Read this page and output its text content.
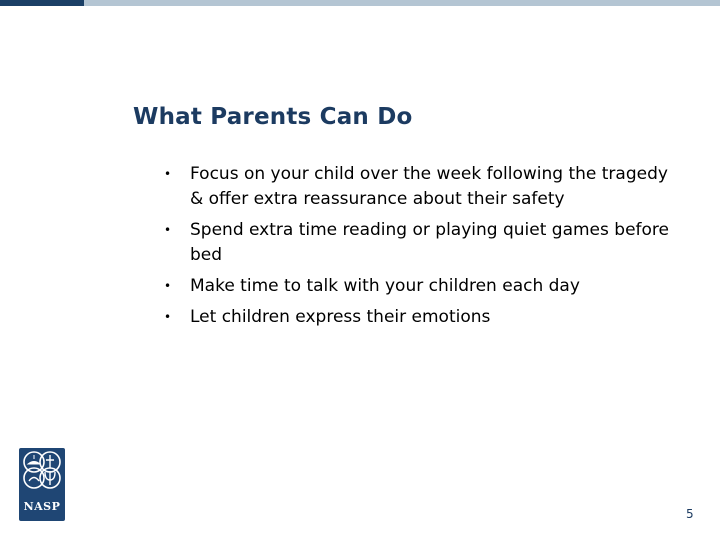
What Parents Can Do
• Focus on your child over the week following the tragedy & offer extra reassurance about their safety
• Spend extra time reading or playing quiet games before bed
• Make time to talk with your children each day
• Let children express their emotions
NASP
5
